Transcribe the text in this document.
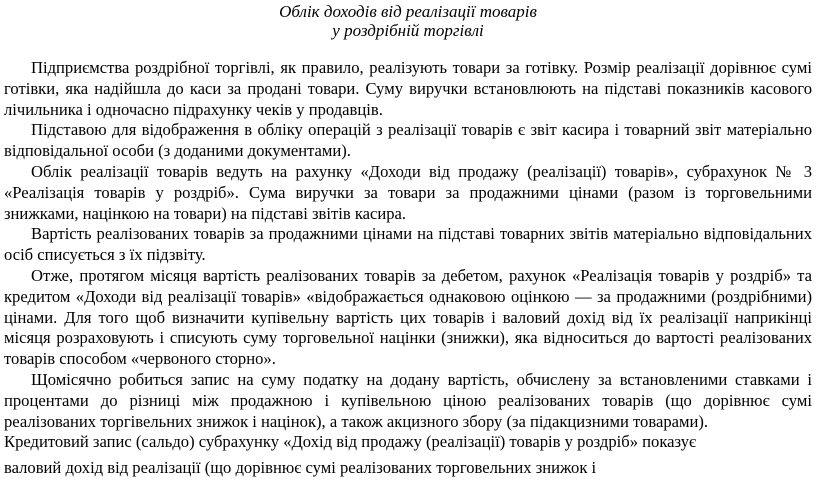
Облік доходів від реалізації товарів

у роздрібній торгівлі

Підприємства роздрібної торгівлі, як правило, реалізують товари за готівку. Розмір реалізації дорівнює сумі готівки, яка надійшла до каси за продані товари. Суму виручки встановлюють на підставі показників касового лічильника і одночасно підрахунку чеків у продавців.

Підставою для відображення в обліку операцій з реалізації товарів є звіт касира і товарний звіт матеріально відповідальної особи (з доданими документами).

Облік реалізації товарів ведуть на рахунку «Доходи від продажу (реалізації) товарів», субрахунок № 3 «Реалізація товарів у роздріб». Сума виручки за товари за продажними цінами (разом із торговельними знижками, націнкою на товари) на підставі звітів касира.

Вартість реалізованих товарів за продажними цінами на підставі товарних звітів матеріально відповідальних осіб списується з їх підзвіту.

Отже, протягом місяця вартість реалізованих товарів за дебетом, рахунок «Реалізація товарів у роздріб» та кредитом «Доходи від реалізації товарів» «відображається однаковою оцінкою — за продажними (роздрібними) цінами. Для того щоб визначити купівельну вартість цих товарів і валовий дохід від їх реалізації наприкінці місяця розраховують і списують суму торговельної націнки (знижки), яка відноситься до вартості реалізованих товарів способом «червоного сторно».

Щомісячно робиться запис на суму податку на додану вартість, обчислену за встановленими ставками і процентами до різниці між продажною і купівельною ціною реалізованих товарів (що дорівнює сумі реалізованих торгівельних знижок і націнок), а також акцизного збору (за підакцизними товарами).

Кредитовий запис (сальдо) субрахунку «Дохід від продажу (реалізації) товарів у роздріб» показує

валовий дохід від реалізації (що дорівнює сумі реалізованих торговельних знижок і
